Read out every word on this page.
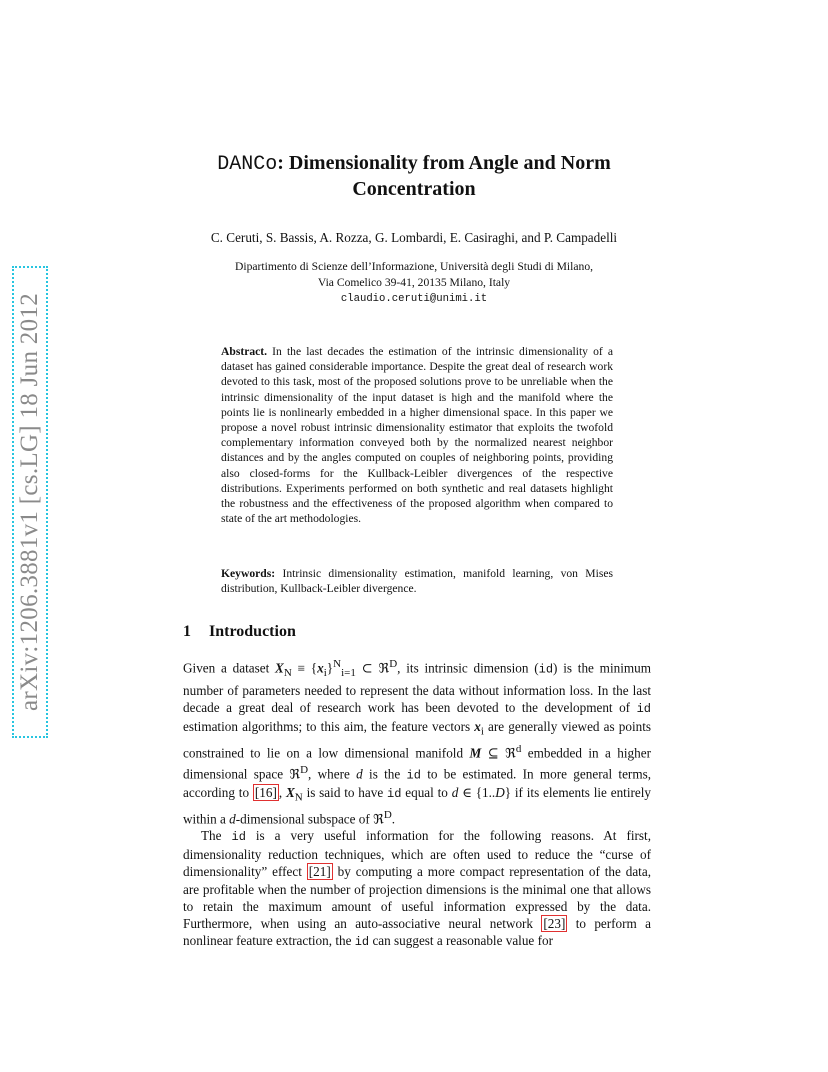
arXiv:1206.3881v1 [cs.LG] 18 Jun 2012
DANCo: Dimensionality from Angle and Norm
Concentration
C. Ceruti, S. Bassis, A. Rozza, G. Lombardi, E. Casiraghi, and P. Campadelli
Dipartimento di Scienze dell’Informazione, Università degli Studi di Milano,
Via Comelico 39-41, 20135 Milano, Italy
claudio.ceruti@unimi.it
Abstract. In the last decades the estimation of the intrinsic dimensionality of a dataset has gained considerable importance. Despite the great deal of research work devoted to this task, most of the proposed solutions prove to be unreliable when the intrinsic dimensionality of the input dataset is high and the manifold where the points lie is nonlinearly embedded in a higher dimensional space. In this paper we propose a novel robust intrinsic dimensionality estimator that exploits the twofold complementary information conveyed both by the normalized nearest neighbor distances and by the angles computed on couples of neighboring points, providing also closed-forms for the Kullback-Leibler divergences of the respective distributions. Experiments performed on both synthetic and real datasets highlight the robustness and the effectiveness of the proposed algorithm when compared to state of the art methodologies.
Keywords: Intrinsic dimensionality estimation, manifold learning, von Mises distribution, Kullback-Leibler divergence.
1 Introduction

Given a dataset $X_N \equiv \{x_i\}^N_{i=1}$ ⊂ ℜ$^D$, its intrinsic dimension (id) is the minimum number of parameters needed to represent the data without information loss. In the last decade a great deal of research work has been devoted to the development of id estimation algorithms; to this aim, the feature vectors $x_i$ are generally viewed as points constrained to lie on a low dimensional manifold M ⊆ ℜ$^d$ embedded in a higher dimensional space ℜ$^D$, where d is the id to be estimated. In more general terms, according to [16] , $X_N$ is said to have id equal to d ∈ {1..D} if its elements lie entirely within a d-dimensional subspace of ℜ$^D$.

The id is a very useful information for the following reasons. At first, dimensionality reduction techniques, which are often used to reduce the “curse of dimensionality” effect [21] by computing a more compact representation of the data, are profitable when the number of projection dimensions is the minimal one that allows to retain the maximum amount of useful information expressed by the data. Furthermore, when using an auto-associative neural network [23] to perform a nonlinear feature extraction, the id can suggest a reasonable value for
